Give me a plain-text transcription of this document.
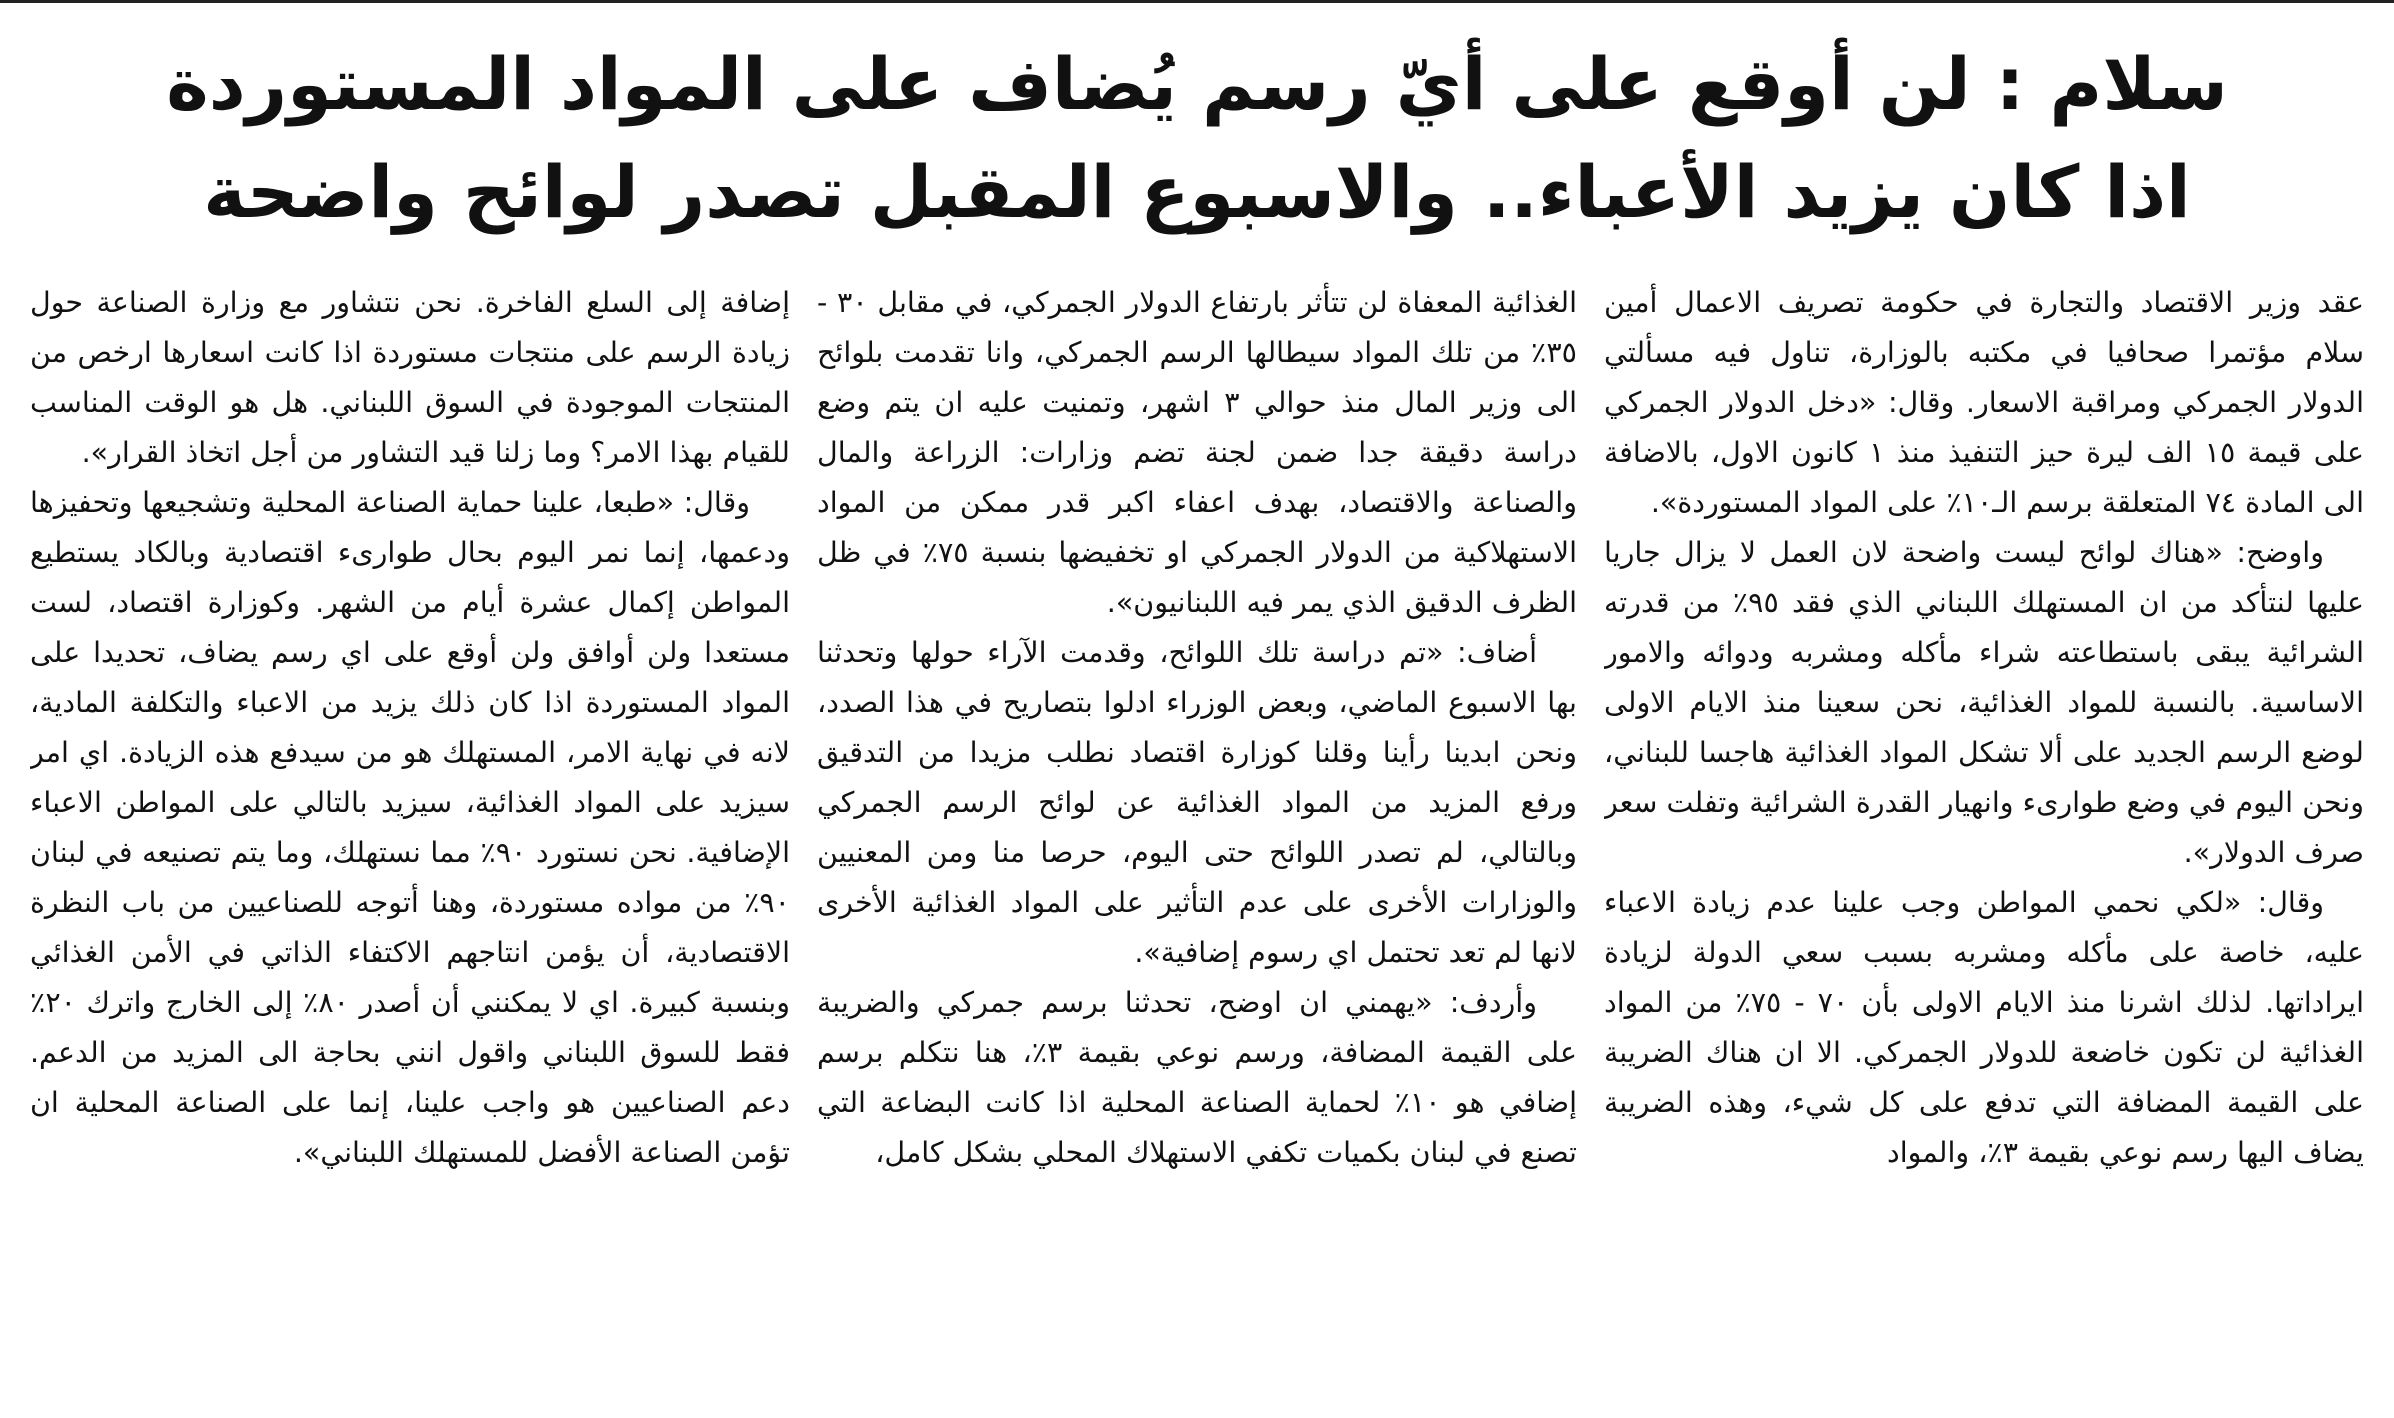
سلام : لن أوقع على أيّ رسم يُضاف على المواد المستوردة
اذا كان يزيد الأعباء.. والاسبوع المقبل تصدر لوائح واضحة

عقد وزير الاقتصاد والتجارة في حكومة تصريف الاعمال أمين سلام مؤتمرا صحافيا في مكتبه بالوزارة، تناول فيه مسألتي الدولار الجمركي ومراقبة الاسعار. وقال: «دخل الدولار الجمركي على قيمة ١٥ الف ليرة حيز التنفيذ منذ ١ كانون الاول، بالاضافة الى المادة ٧٤ المتعلقة برسم الـ١٠٪ على المواد المستوردة».

واوضح: «هناك لوائح ليست واضحة لان العمل لا يزال جاريا عليها لنتأكد من ان المستهلك اللبناني الذي فقد ٩٥٪ من قدرته الشرائية يبقى باستطاعته شراء مأكله ومشربه ودوائه والامور الاساسية. بالنسبة للمواد الغذائية، نحن سعينا منذ الايام الاولى لوضع الرسم الجديد على ألا تشكل المواد الغذائية هاجسا للبناني، ونحن اليوم في وضع طوارىء وانهيار القدرة الشرائية وتفلت سعر صرف الدولار».

وقال: «لكي نحمي المواطن وجب علينا عدم زيادة الاعباء عليه، خاصة على مأكله ومشربه بسبب سعي الدولة لزيادة ايراداتها. لذلك اشرنا منذ الايام الاولى بأن ٧٠ - ٧٥٪ من المواد الغذائية لن تكون خاضعة للدولار الجمركي. الا ان هناك الضريبة على القيمة المضافة التي تدفع على كل شيء، وهذه الضريبة يضاف اليها رسم نوعي بقيمة ٣٪، والمواد

الغذائية المعفاة لن تتأثر بارتفاع الدولار الجمركي، في مقابل ٣٠ - ٣٥٪ من تلك المواد سيطالها الرسم الجمركي، وانا تقدمت بلوائح الى وزير المال منذ حوالي ٣ اشهر، وتمنيت عليه ان يتم وضع دراسة دقيقة جدا ضمن لجنة تضم وزارات: الزراعة والمال والصناعة والاقتصاد، بهدف اعفاء اكبر قدر ممكن من المواد الاستهلاكية من الدولار الجمركي او تخفيضها بنسبة ٧٥٪ في ظل الظرف الدقيق الذي يمر فيه اللبنانيون».

أضاف: «تم دراسة تلك اللوائح، وقدمت الآراء حولها وتحدثنا بها الاسبوع الماضي، وبعض الوزراء ادلوا بتصاريح في هذا الصدد، ونحن ابدينا رأينا وقلنا كوزارة اقتصاد نطلب مزيدا من التدقيق ورفع المزيد من المواد الغذائية عن لوائح الرسم الجمركي وبالتالي، لم تصدر اللوائح حتى اليوم، حرصا منا ومن المعنيين والوزارات الأخرى على عدم التأثير على المواد الغذائية الأخرى لانها لم تعد تحتمل اي رسوم إضافية».

وأردف: «يهمني ان اوضح، تحدثنا برسم جمركي والضريبة على القيمة المضافة، ورسم نوعي بقيمة ٣٪، هنا نتكلم برسم إضافي هو ١٠٪ لحماية الصناعة المحلية اذا كانت البضاعة التي تصنع في لبنان بكميات تكفي الاستهلاك المحلي بشكل كامل،

إضافة إلى السلع الفاخرة. نحن نتشاور مع وزارة الصناعة حول زيادة الرسم على منتجات مستوردة اذا كانت اسعارها ارخص من المنتجات الموجودة في السوق اللبناني. هل هو الوقت المناسب للقيام بهذا الامر؟ وما زلنا قيد التشاور من أجل اتخاذ القرار».

وقال: «طبعا، علينا حماية الصناعة المحلية وتشجيعها وتحفيزها ودعمها، إنما نمر اليوم بحال طوارىء اقتصادية وبالكاد يستطيع المواطن إكمال عشرة أيام من الشهر. وكوزارة اقتصاد، لست مستعدا ولن أوافق ولن أوقع على اي رسم يضاف، تحديدا على المواد المستوردة اذا كان ذلك يزيد من الاعباء والتكلفة المادية، لانه في نهاية الامر، المستهلك هو من سيدفع هذه الزيادة. اي امر سيزيد على المواد الغذائية، سيزيد بالتالي على المواطن الاعباء الإضافية. نحن نستورد ٩٠٪ مما نستهلك، وما يتم تصنيعه في لبنان ٩٠٪ من مواده مستوردة، وهنا أتوجه للصناعيين من باب النظرة الاقتصادية، أن يؤمن انتاجهم الاكتفاء الذاتي في الأمن الغذائي وبنسبة كبيرة. اي لا يمكنني أن أصدر ٨٠٪ إلى الخارج واترك ٢٠٪ فقط للسوق اللبناني واقول انني بحاجة الى المزيد من الدعم. دعم الصناعيين هو واجب علينا، إنما على الصناعة المحلية ان تؤمن الصناعة الأفضل للمستهلك اللبناني».
